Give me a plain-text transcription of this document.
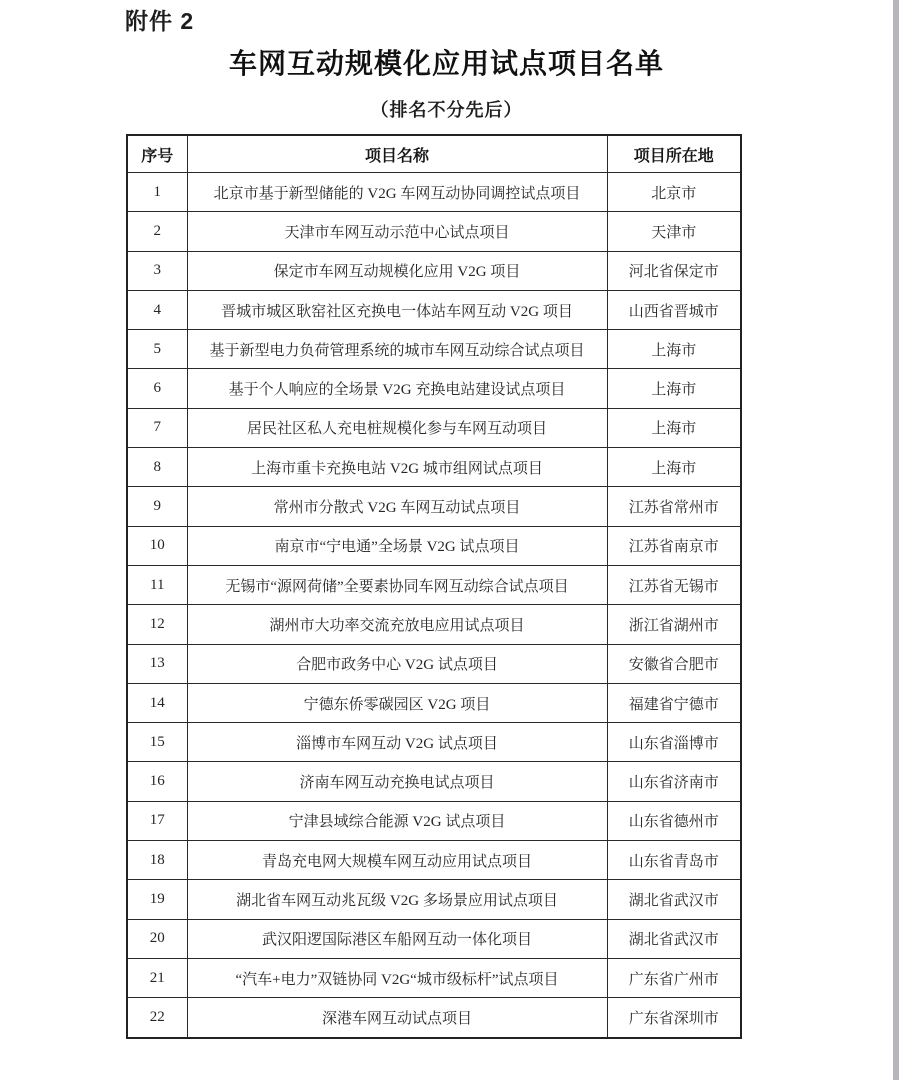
附件 2
车网互动规模化应用试点项目名单
（排名不分先后）
序号	项目名称	项目所在地
1	北京市基于新型储能的 V2G 车网互动协同调控试点项目	北京市
2	天津市车网互动示范中心试点项目	天津市
3	保定市车网互动规模化应用 V2G 项目	河北省保定市
4	晋城市城区耿窑社区充换电一体站车网互动 V2G 项目	山西省晋城市
5	基于新型电力负荷管理系统的城市车网互动综合试点项目	上海市
6	基于个人响应的全场景 V2G 充换电站建设试点项目	上海市
7	居民社区私人充电桩规模化参与车网互动项目	上海市
8	上海市重卡充换电站 V2G 城市组网试点项目	上海市
9	常州市分散式 V2G 车网互动试点项目	江苏省常州市
10	南京市“宁电通”全场景 V2G 试点项目	江苏省南京市
11	无锡市“源网荷储”全要素协同车网互动综合试点项目	江苏省无锡市
12	湖州市大功率交流充放电应用试点项目	浙江省湖州市
13	合肥市政务中心 V2G 试点项目	安徽省合肥市
14	宁德东侨零碳园区 V2G 项目	福建省宁德市
15	淄博市车网互动 V2G 试点项目	山东省淄博市
16	济南车网互动充换电试点项目	山东省济南市
17	宁津县域综合能源 V2G 试点项目	山东省德州市
18	青岛充电网大规模车网互动应用试点项目	山东省青岛市
19	湖北省车网互动兆瓦级 V2G 多场景应用试点项目	湖北省武汉市
20	武汉阳逻国际港区车船网互动一体化项目	湖北省武汉市
21	“汽车+电力”双链协同 V2G“城市级标杆”试点项目	广东省广州市
22	深港车网互动试点项目	广东省深圳市
